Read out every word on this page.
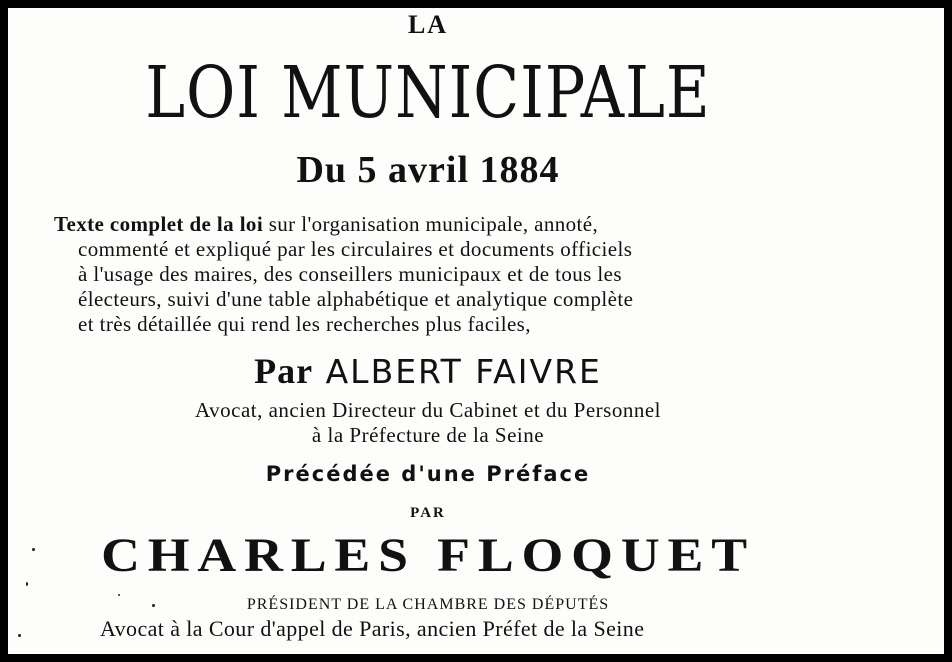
LA

LOI MUNICIPALE

Du 5 avril 1884

Texte complet de la loi sur l'organisation municipale, annoté,

commenté et expliqué par les circulaires et documents officiels

à l'usage des maires, des conseillers municipaux et de tous les

électeurs, suivi d'une table alphabétique et analytique complète

et très détaillée qui rend les recherches plus faciles,

Par ALBERT FAIVRE

Avocat, ancien Directeur du Cabinet et du Personnel

à la Préfecture de la Seine

Précédée d'une Préface

PAR

CHARLES FLOQUET

PRÉSIDENT DE LA CHAMBRE DES DÉPUTÉS

Avocat à la Cour d'appel de Paris, ancien Préfet de la Seine
